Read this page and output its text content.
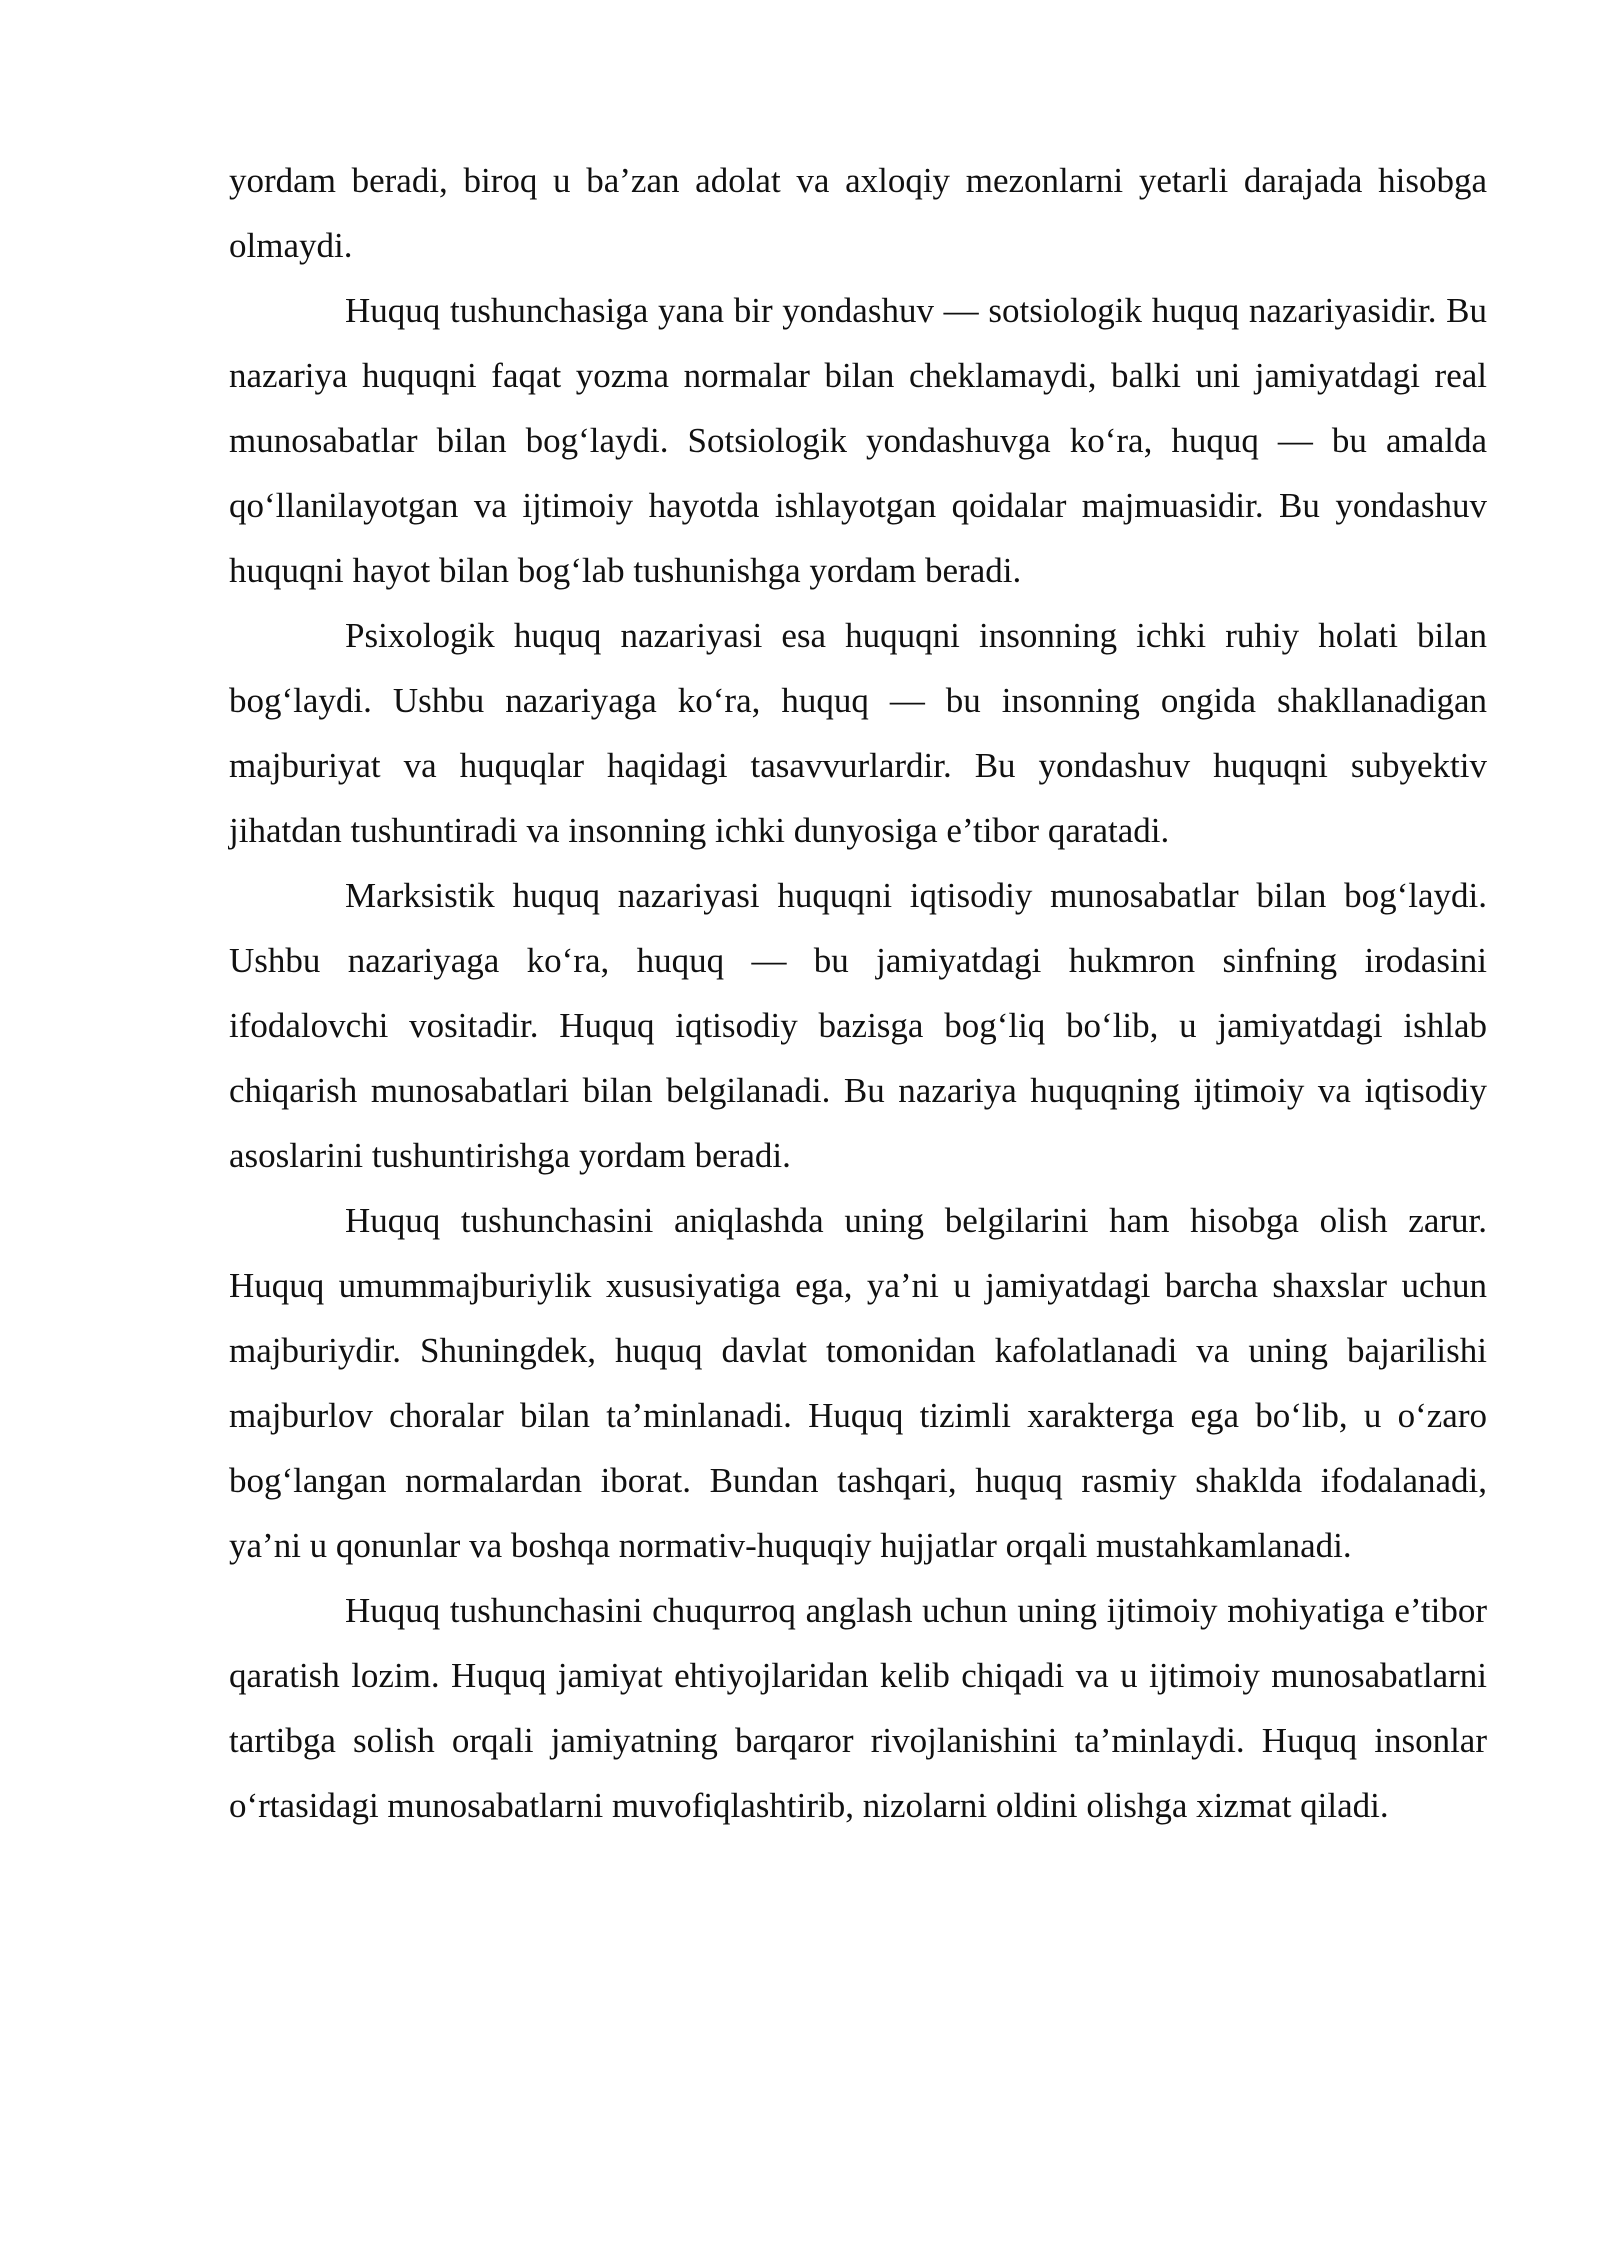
yordam beradi, biroq u ba’zan adolat va axloqiy mezonlarni yetarli darajada hisobga olmaydi.

Huquq tushunchasiga yana bir yondashuv — sotsiologik huquq nazariyasidir. Bu nazariya huquqni faqat yozma normalar bilan cheklamaydi, balki uni jamiyatdagi real munosabatlar bilan bog‘laydi. Sotsiologik yondashuvga ko‘ra, huquq — bu amalda qo‘llanilayotgan va ijtimoiy hayotda ishlayotgan qoidalar majmuasidir. Bu yondashuv huquqni hayot bilan bog‘lab tushunishga yordam beradi.

Psixologik huquq nazariyasi esa huquqni insonning ichki ruhiy holati bilan bog‘laydi. Ushbu nazariyaga ko‘ra, huquq — bu insonning ongida shakllanadigan majburiyat va huquqlar haqidagi tasavvurlardir. Bu yondashuv huquqni subyektiv jihatdan tushuntiradi va insonning ichki dunyosiga e’tibor qaratadi.

Marksistik huquq nazariyasi huquqni iqtisodiy munosabatlar bilan bog‘laydi. Ushbu nazariyaga ko‘ra, huquq — bu jamiyatdagi hukmron sinfning irodasini ifodalovchi vositadir. Huquq iqtisodiy bazisga bog‘liq bo‘lib, u jamiyatdagi ishlab chiqarish munosabatlari bilan belgilanadi. Bu nazariya huquqning ijtimoiy va iqtisodiy asoslarini tushuntirishga yordam beradi.

Huquq tushunchasini aniqlashda uning belgilarini ham hisobga olish zarur. Huquq umummajburiylik xususiyatiga ega, ya’ni u jamiyatdagi barcha shaxslar uchun majburiydir. Shuningdek, huquq davlat tomonidan kafolatlanadi va uning bajarilishi majburlov choralar bilan ta’minlanadi. Huquq tizimli xarakterga ega bo‘lib, u o‘zaro bog‘langan normalardan iborat. Bundan tashqari, huquq rasmiy shaklda ifodalanadi, ya’ni u qonunlar va boshqa normativ-huquqiy hujjatlar orqali mustahkamlanadi.

Huquq tushunchasini chuqurroq anglash uchun uning ijtimoiy mohiyatiga e’tibor qaratish lozim. Huquq jamiyat ehtiyojlaridan kelib chiqadi va u ijtimoiy munosabatlarni tartibga solish orqali jamiyatning barqaror rivojlanishini ta’minlaydi. Huquq insonlar o‘rtasidagi munosabatlarni muvofiqlashtirib, nizolarni oldini olishga xizmat qiladi.
